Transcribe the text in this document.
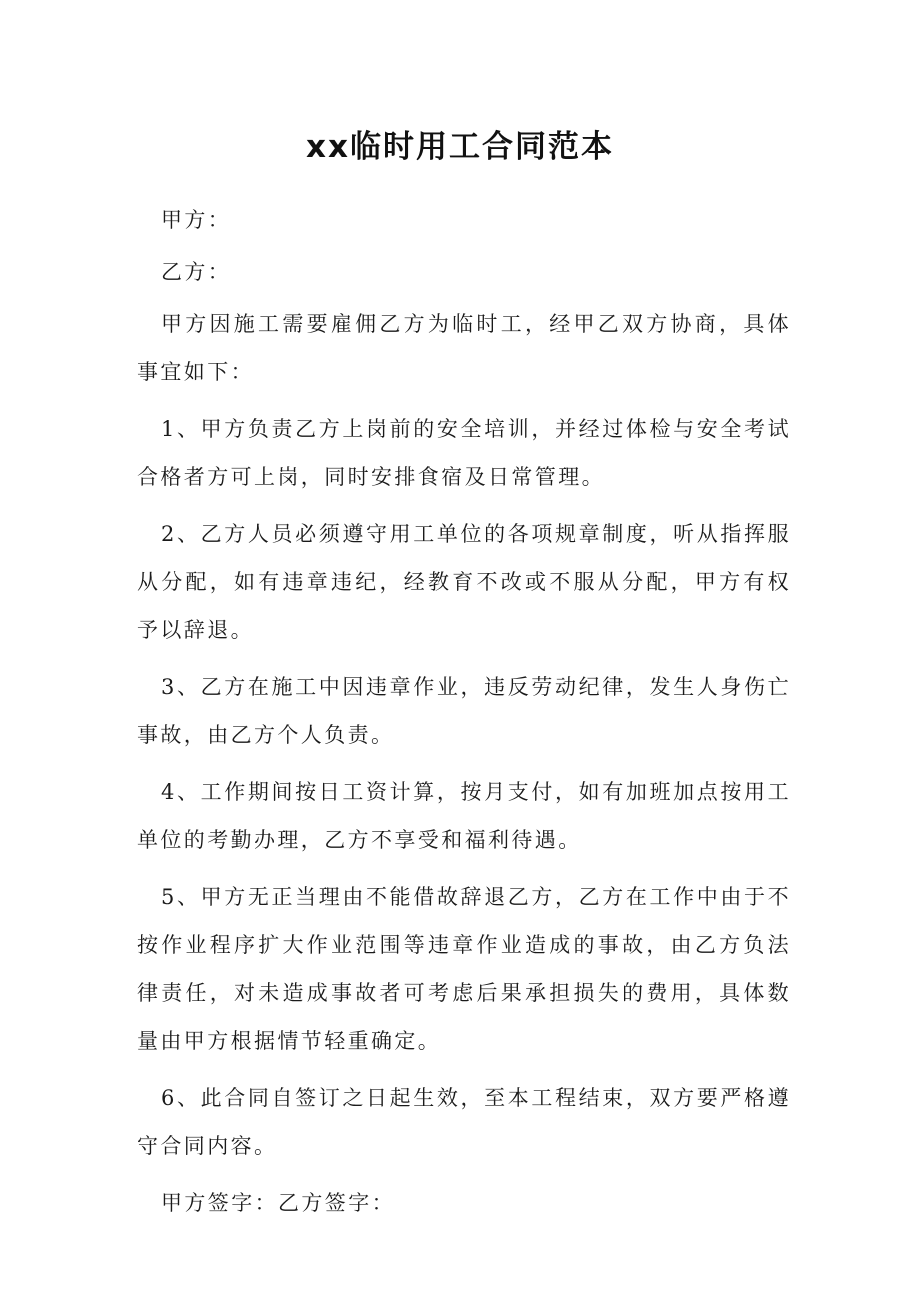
xx临时用工合同范本

甲方：

乙方：

甲方因施工需要雇佣乙方为临时工，经甲乙双方协商，具体事宜如下：

1、甲方负责乙方上岗前的安全培训，并经过体检与安全考试合格者方可上岗，同时安排食宿及日常管理。

2、乙方人员必须遵守用工单位的各项规章制度，听从指挥服从分配，如有违章违纪，经教育不改或不服从分配，甲方有权予以辞退。

3、乙方在施工中因违章作业，违反劳动纪律，发生人身伤亡事故，由乙方个人负责。

4、工作期间按日工资计算，按月支付，如有加班加点按用工单位的考勤办理，乙方不享受和福利待遇。

5、甲方无正当理由不能借故辞退乙方，乙方在工作中由于不按作业程序扩大作业范围等违章作业造成的事故，由乙方负法律责任，对未造成事故者可考虑后果承担损失的费用，具体数量由甲方根据情节轻重确定。

6、此合同自签订之日起生效，至本工程结束，双方要严格遵守合同内容。

甲方签字：乙方签字：
